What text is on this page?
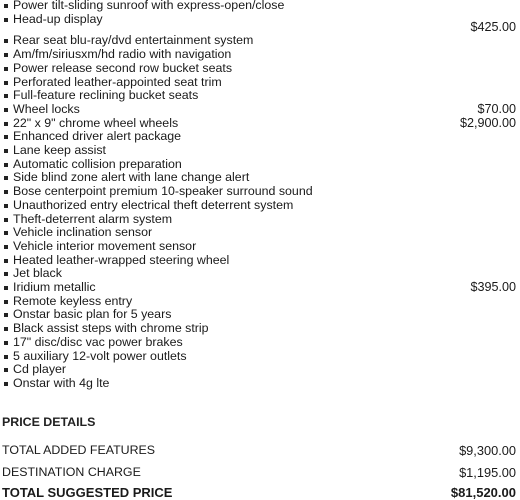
Power tilt-sliding sunroof with express-open/close
Head-up display
$425.00
Rear seat blu-ray/dvd entertainment system
Am/fm/siriusxm/hd radio with navigation
Power release second row bucket seats
Perforated leather-appointed seat trim
Full-feature reclining bucket seats
Wheel locks	$70.00
22" x 9" chrome wheel wheels	$2,900.00
Enhanced driver alert package
Lane keep assist
Automatic collision preparation
Side blind zone alert with lane change alert
Bose centerpoint premium 10-speaker surround sound
Unauthorized entry electrical theft deterrent system
Theft-deterrent alarm system
Vehicle inclination sensor
Vehicle interior movement sensor
Heated leather-wrapped steering wheel
Jet black
Iridium metallic	$395.00
Remote keyless entry
Onstar basic plan for 5 years
Black assist steps with chrome strip
17" disc/disc vac power brakes
5 auxiliary 12-volt power outlets
Cd player
Onstar with 4g lte
PRICE DETAILS
TOTAL ADDED FEATURES	$9,300.00
DESTINATION CHARGE	$1,195.00
TOTAL SUGGESTED PRICE	$81,520.00
